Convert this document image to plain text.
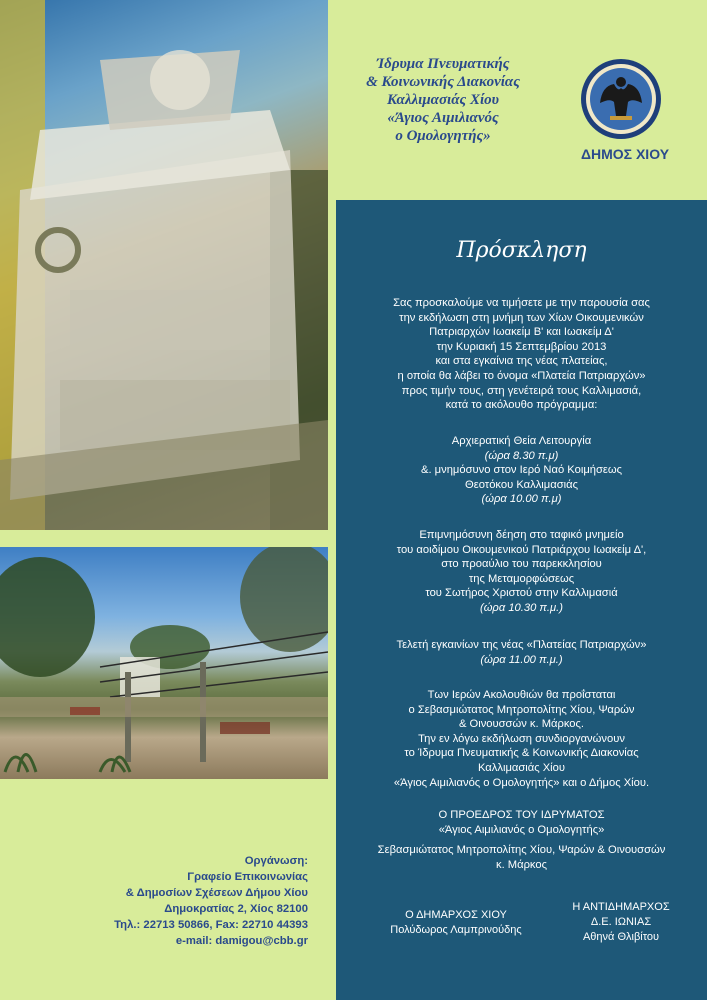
Ίδρυμα Πνευματικής
& Κοινωνικής Διακονίας
Καλλιμασιάς Χίου
«Άγιος Αιμιλιανός
ο Ομολογητής»
ΔΗΜΟΣ ΧΙΟΥ
Πρόσκληση
Σας προσκαλούμε να τιμήσετε με την παρουσία σας
την εκδήλωση στη μνήμη των Χίων Οικουμενικών
Πατριαρχών Ιωακείμ Β' και Ιωακείμ Δ'
την Κυριακή 15 Σεπτεμβρίου 2013
και στα εγκαίνια της νέας πλατείας,
η οποία θα λάβει το όνομα «Πλατεία Πατριαρχών»
προς τιμήν τους, στη γενέτειρά τους Καλλιμασιά,
κατά το ακόλουθο πρόγραμμα:
Αρχιερατική Θεία Λειτουργία
(ώρα 8.30 π.μ)
&. μνημόσυνο στον Ιερό Ναό Κοιμήσεως
Θεοτόκου Καλλιμασιάς
(ώρα 10.00 π.μ)
Επιμνημόσυνη δέηση στο ταφικό μνημείο
του αοιδίμου Οικουμενικού Πατριάρχου Ιωακείμ Δ',
στο προαύλιο του παρεκκλησίου
της Μεταμορφώσεως
του Σωτήρος Χριστού στην Καλλιμασιά
(ώρα 10.30 π.μ.)
Τελετή εγκαινίων της νέας «Πλατείας Πατριαρχών»
(ώρα 11.00 π.μ.)
Των Ιερών Ακολουθιών θα προΐσταται
ο Σεβασμιώτατος Μητροπολίτης Χίου, Ψαρών
& Οινουσσών κ. Μάρκος.
Την εν λόγω εκδήλωση συνδιοργανώνουν
το Ίδρυμα Πνευματικής & Κοινωνικής Διακονίας
Καλλιμασιάς Χίου
«Άγιος Αιμιλιανός ο Ομολογητής» και ο Δήμος Χίου.
Ο ΠΡΟΕΔΡΟΣ ΤΟΥ ΙΔΡΥΜΑΤΟΣ
«Άγιος Αιμιλιανός ο Ομολογητής»
Σεβασμιώτατος Μητροπολίτης Χίου, Ψαρών & Οινουσσών
κ. Μάρκος
Ο ΔΗΜΑΡΧΟΣ ΧΙΟΥ
Πολύδωρος Λαμπρινούδης
Η ΑΝΤΙΔΗΜΑΡΧΟΣ
Δ.Ε. ΙΩΝΙΑΣ
Αθηνά Θλιβίτου
Οργάνωση:
Γραφείο Επικοινωνίας
& Δημοσίων Σχέσεων Δήμου Χίου
Δημοκρατίας 2, Χίος 82100
Τηλ.: 22713 50866, Fax: 22710 44393
e-mail: damigou@cbb.gr
